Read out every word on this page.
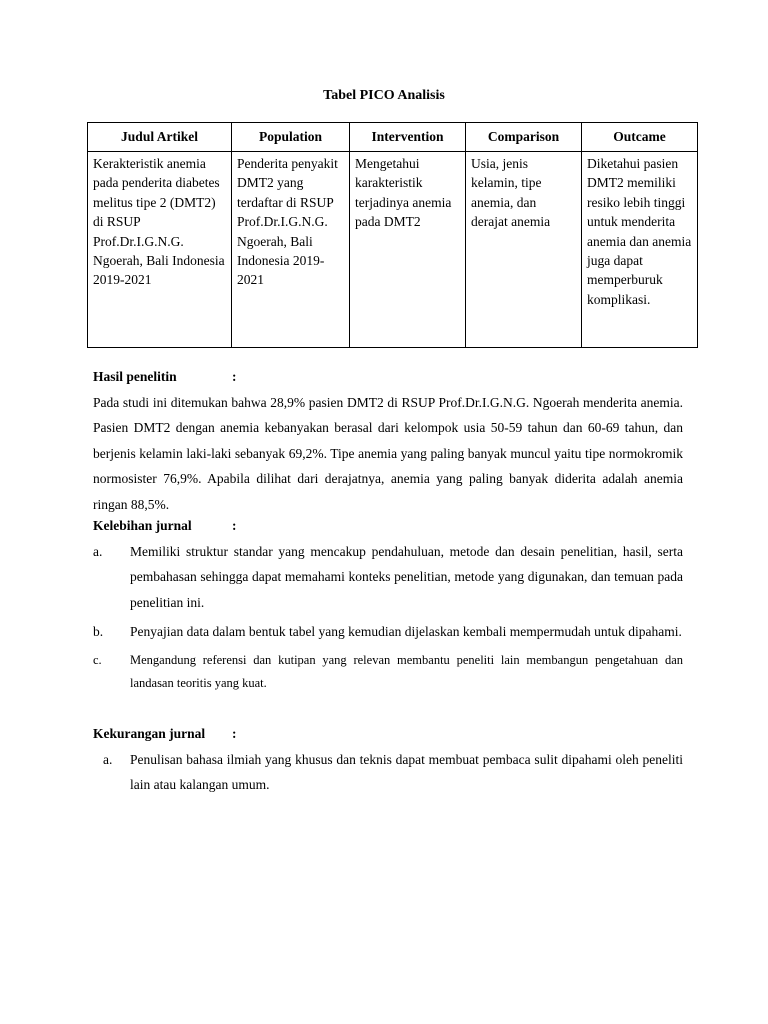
Tabel PICO Analisis
Judul Artikel	Population	Intervention	Comparison	Outcame
Kerakteristik anemia pada penderita diabetes melitus tipe 2 (DMT2) di RSUP Prof.Dr.I.G.N.G. Ngoerah, Bali Indonesia 2019-2021	Penderita penyakit DMT2 yang terdaftar di RSUP Prof.Dr.I.G.N.G. Ngoerah, Bali Indonesia 2019-2021	Mengetahui karakteristik terjadinya anemia pada DMT2	Usia, jenis kelamin, tipe anemia, dan derajat anemia	Diketahui pasien DMT2 memiliki resiko lebih tinggi untuk menderita anemia dan anemia juga dapat memperburuk komplikasi.
Hasil penelitin	:
Pada studi ini ditemukan bahwa 28,9% pasien DMT2 di RSUP Prof.Dr.I.G.N.G. Ngoerah menderita anemia. Pasien DMT2 dengan anemia kebanyakan berasal dari kelompok usia 50-59 tahun dan 60-69 tahun, dan berjenis kelamin laki-laki sebanyak 69,2%. Tipe anemia yang paling banyak muncul yaitu tipe normokromik normosister 76,9%. Apabila dilihat dari derajatnya, anemia yang paling banyak diderita adalah anemia ringan 88,5%.
Kelebihan jurnal	:
a. Memiliki struktur standar yang mencakup pendahuluan, metode dan desain penelitian, hasil, serta pembahasan sehingga dapat memahami konteks penelitian, metode yang digunakan, dan temuan pada penelitian ini.
b. Penyajian data dalam bentuk tabel yang kemudian dijelaskan kembali mempermudah untuk dipahami.
c. Mengandung referensi dan kutipan yang relevan membantu peneliti lain membangun pengetahuan dan landasan teoritis yang kuat.
Kekurangan jurnal :
a. Penulisan bahasa ilmiah yang khusus dan teknis dapat membuat pembaca sulit dipahami oleh peneliti lain atau kalangan umum.
